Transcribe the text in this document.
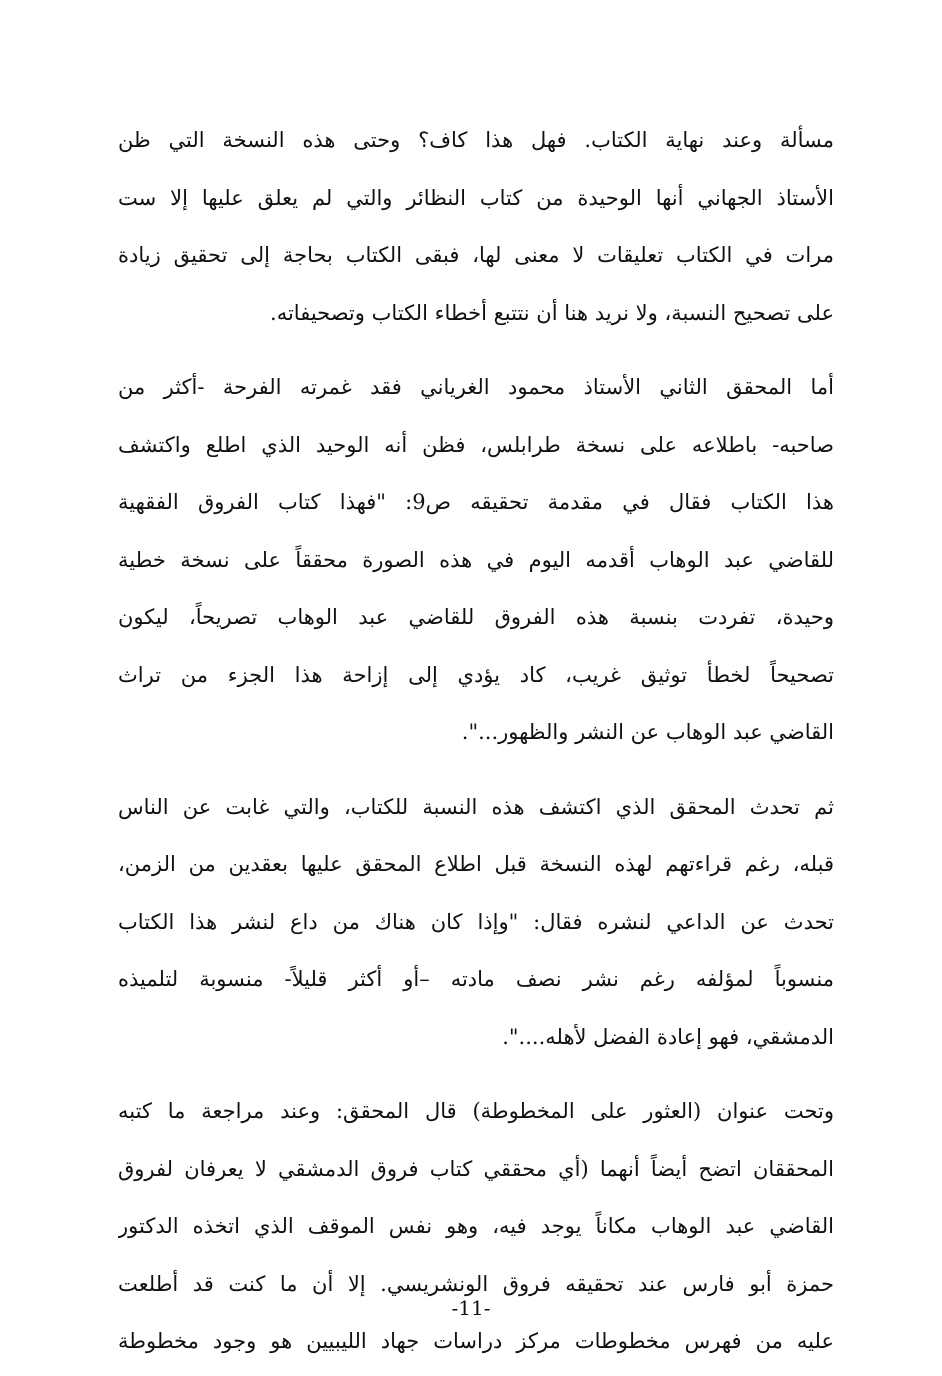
مسألة وعند نهاية الكتاب. فهل هذا كاف؟ وحتى هذه النسخة التي ظن
الأستاذ الجهاني أنها الوحيدة من كتاب النظائر والتي لم يعلق عليها إلا ست
مرات في الكتاب تعليقات لا معنى لها، فبقى الكتاب بحاجة إلى تحقيق زيادة
على تصحيح النسبة، ولا نريد هنا أن نتتبع أخطاء الكتاب وتصحيفاته.
أما المحقق الثاني الأستاذ محمود الغرياني فقد غمرته الفرحة -أكثر من
صاحبه- باطلاعه على نسخة طرابلس، فظن أنه الوحيد الذي اطلع واكتشف
هذا الكتاب فقال في مقدمة تحقيقه ص9: "فهذا كتاب الفروق الفقهية
للقاضي عبد الوهاب أقدمه اليوم في هذه الصورة محققاً على نسخة خطية
وحيدة، تفردت بنسبة هذه الفروق للقاضي عبد الوهاب تصريحاً، ليكون
تصحيحاً لخطأ توثيق غريب، كاد يؤدي إلى إزاحة هذا الجزء من تراث
القاضي عبد الوهاب عن النشر والظهور...".
ثم تحدث المحقق الذي اكتشف هذه النسبة للكتاب، والتي غابت عن الناس
قبله، رغم قراءتهم لهذه النسخة قبل اطلاع المحقق عليها بعقدين من الزمن،
تحدث عن الداعي لنشره فقال: "وإذا كان هناك من داع لنشر هذا الكتاب
منسوباً لمؤلفه رغم نشر نصف مادته –أو أكثر قليلاً- منسوبة لتلميذه
الدمشقي، فهو إعادة الفضل لأهله....".
وتحت عنوان (العثور على المخطوطة) قال المحقق: وعند مراجعة ما كتبه
المحققان اتضح أيضاً أنهما (أي محققي كتاب فروق الدمشقي لا يعرفان لفروق
القاضي عبد الوهاب مكاناً يوجد فيه، وهو نفس الموقف الذي اتخذه الدكتور
حمزة أبو فارس عند تحقيقه فروق الونشريسي. إلا أن ما كنت قد أطلعت
عليه من فهرس مخطوطات مركز دراسات جهاد الليبيين هو وجود مخطوطة
-11-
